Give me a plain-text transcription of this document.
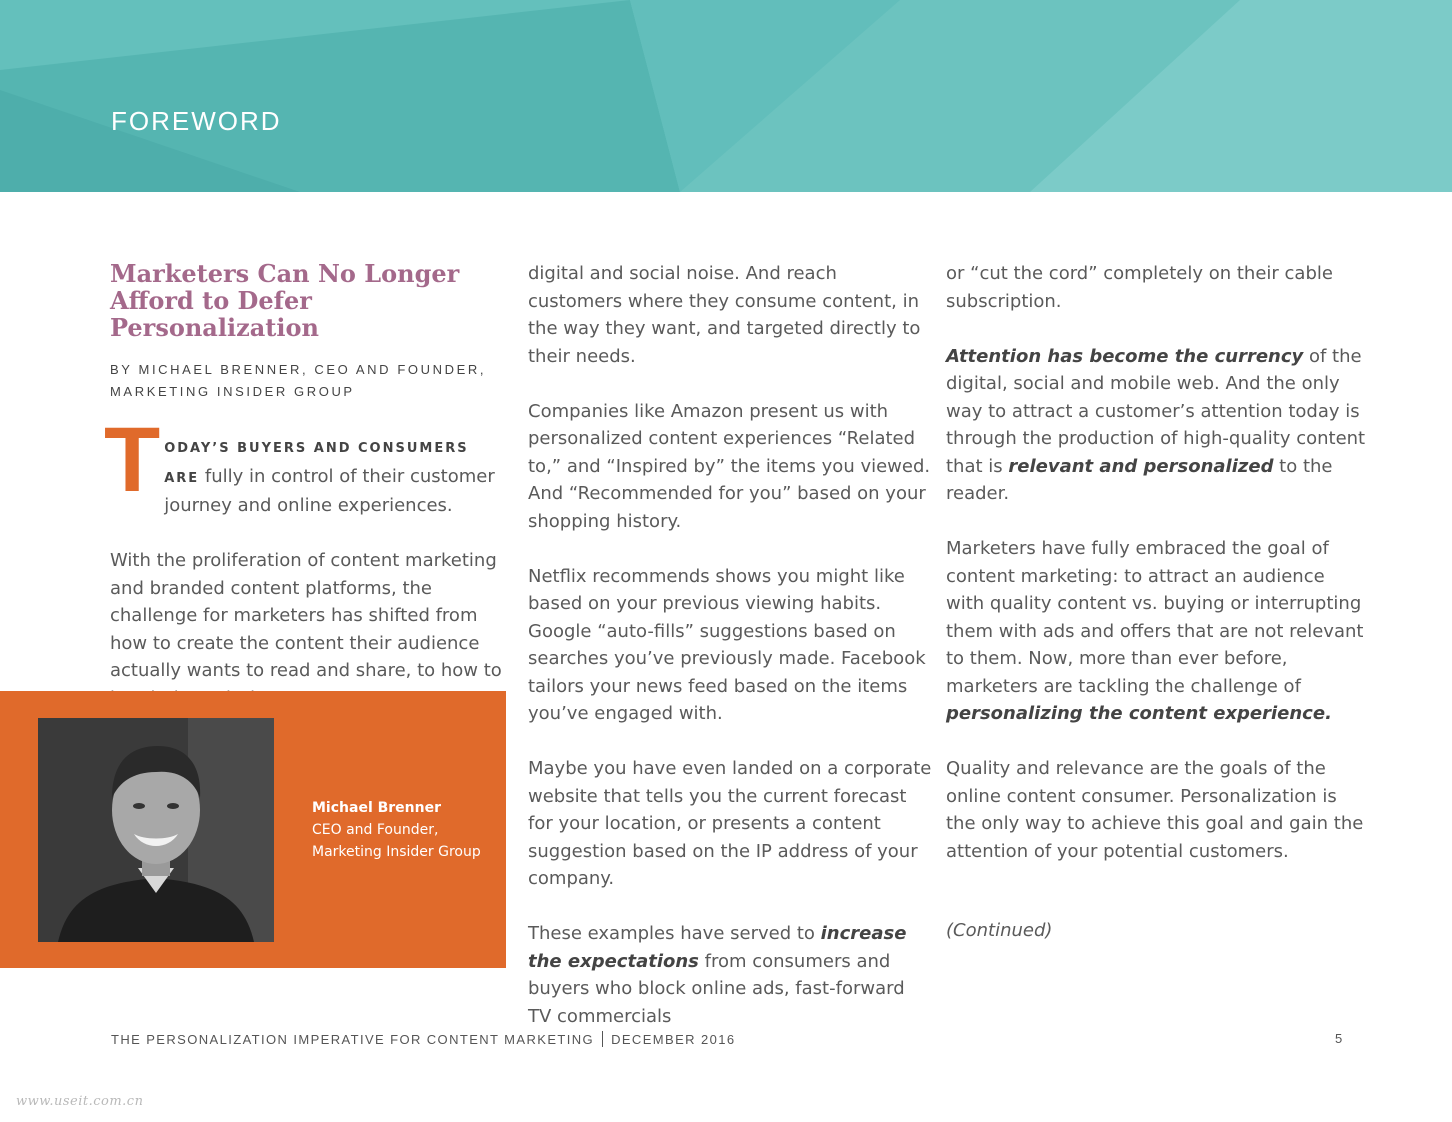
FOREWORD
Marketers Can No Longer Afford to Defer Personalization
BY MICHAEL BRENNER, CEO AND FOUNDER,
MARKETING INSIDER GROUP

T ODAY’S BUYERS AND CONSUMERS ARE fully in control of their customer journey and online experiences.

With the proliferation of content marketing and branded content platforms, the challenge for marketers has shifted from how to create the content their audience actually wants to read and share, to how to

Michael Brenner
CEO and Founder,
Marketing Insider Group

digital and social noise. And reach customers where they consume content, in the way they want, and targeted directly to their needs.

Companies like Amazon present us with personalized content experiences “Related to,” and “Inspired by” the items you viewed. And “Recommended for you” based on your shopping history.

Netflix recommends shows you might like based on your previous viewing habits. Google “auto-fills” suggestions based on searches you’ve previously made. Facebook tailors your news feed based on the items you’ve engaged with.

Maybe you have even landed on a corporate website that tells you the current forecast for your location, or presents a content suggestion based on the IP address of your company.

These examples have served to increase the expectations from consumers and buyers who block online ads, fast-forward TV commercials

or “cut the cord” completely on their cable subscription.

Attention has become the currency of the digital, social and mobile web. And the only way to attract a customer’s attention today is through the production of high-quality content that is relevant and personalized to the reader.

Marketers have fully embraced the goal of content marketing: to attract an audience with quality content vs. buying or interrupting them with ads and offers that are not relevant to them. Now, more than ever before, marketers are tackling the challenge of personalizing the content experience.

Quality and relevance are the goals of the online content consumer. Personalization is the only way to achieve this goal and gain the attention of your potential customers.

(Continued)
THE PERSONALIZATION IMPERATIVE FOR CONTENT MARKETING DECEMBER 2016	5
www.useit.com.cn
